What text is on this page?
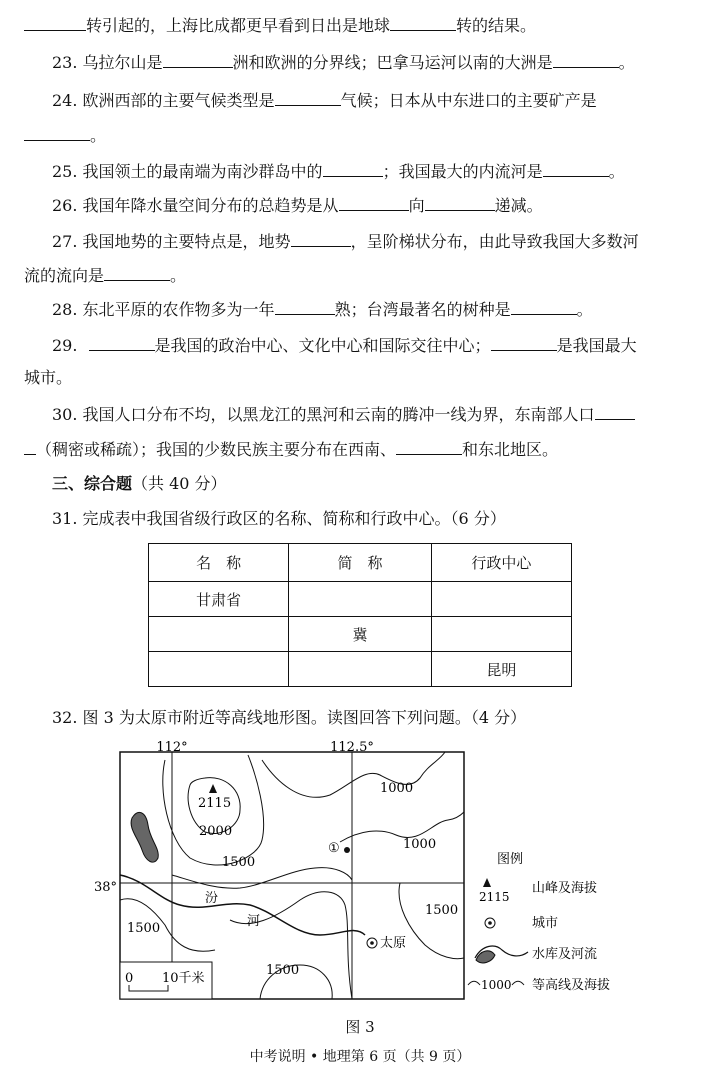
转引起的，上海比成都更早看到日出是地球	转的结果。
23. 乌拉尔山是	洲和欧洲的分界线；巴拿马运河以南的大洲是	。
24. 欧洲西部的主要气候类型是	气候；日本从中东进口的主要矿产是
。
25. 我国领土的最南端为南沙群岛中的	；我国最大的内流河是	。
26. 我国年降水量空间分布的总趋势是从	向	递减。
27. 我国地势的主要特点是，地势	，呈阶梯状分布，由此导致我国大多数河
流的流向是	。
28. 东北平原的农作物多为一年	熟；台湾最著名的树种是	。
29.	是我国的政治中心、文化中心和国际交往中心；	是我国最大
城市。
30. 我国人口分布不均，以黑龙江的黑河和云南的腾冲一线为界，东南部人口
（稠密或稀疏）；我国的少数民族主要分布在西南、	和东北地区。
三、综合题（共 40 分）
31. 完成表中我国省级行政区的名称、简称和行政中心。（6 分）
名　称	简　称	行政中心
甘肃省		
	冀	
		昆明
32. 图 3 为太原市附近等高线地形图。读图回答下列问题。（4 分）
112°	112.5°
38°
2115
2000
1500
1000
1000
1500
1500
1500
①
汾
河
太原
0 10千米
图例
2115
山峰及海拔
城市
水库及河流
1000 等高线及海拔
图 3
中考说明 • 地理第 6 页（共 9 页）
